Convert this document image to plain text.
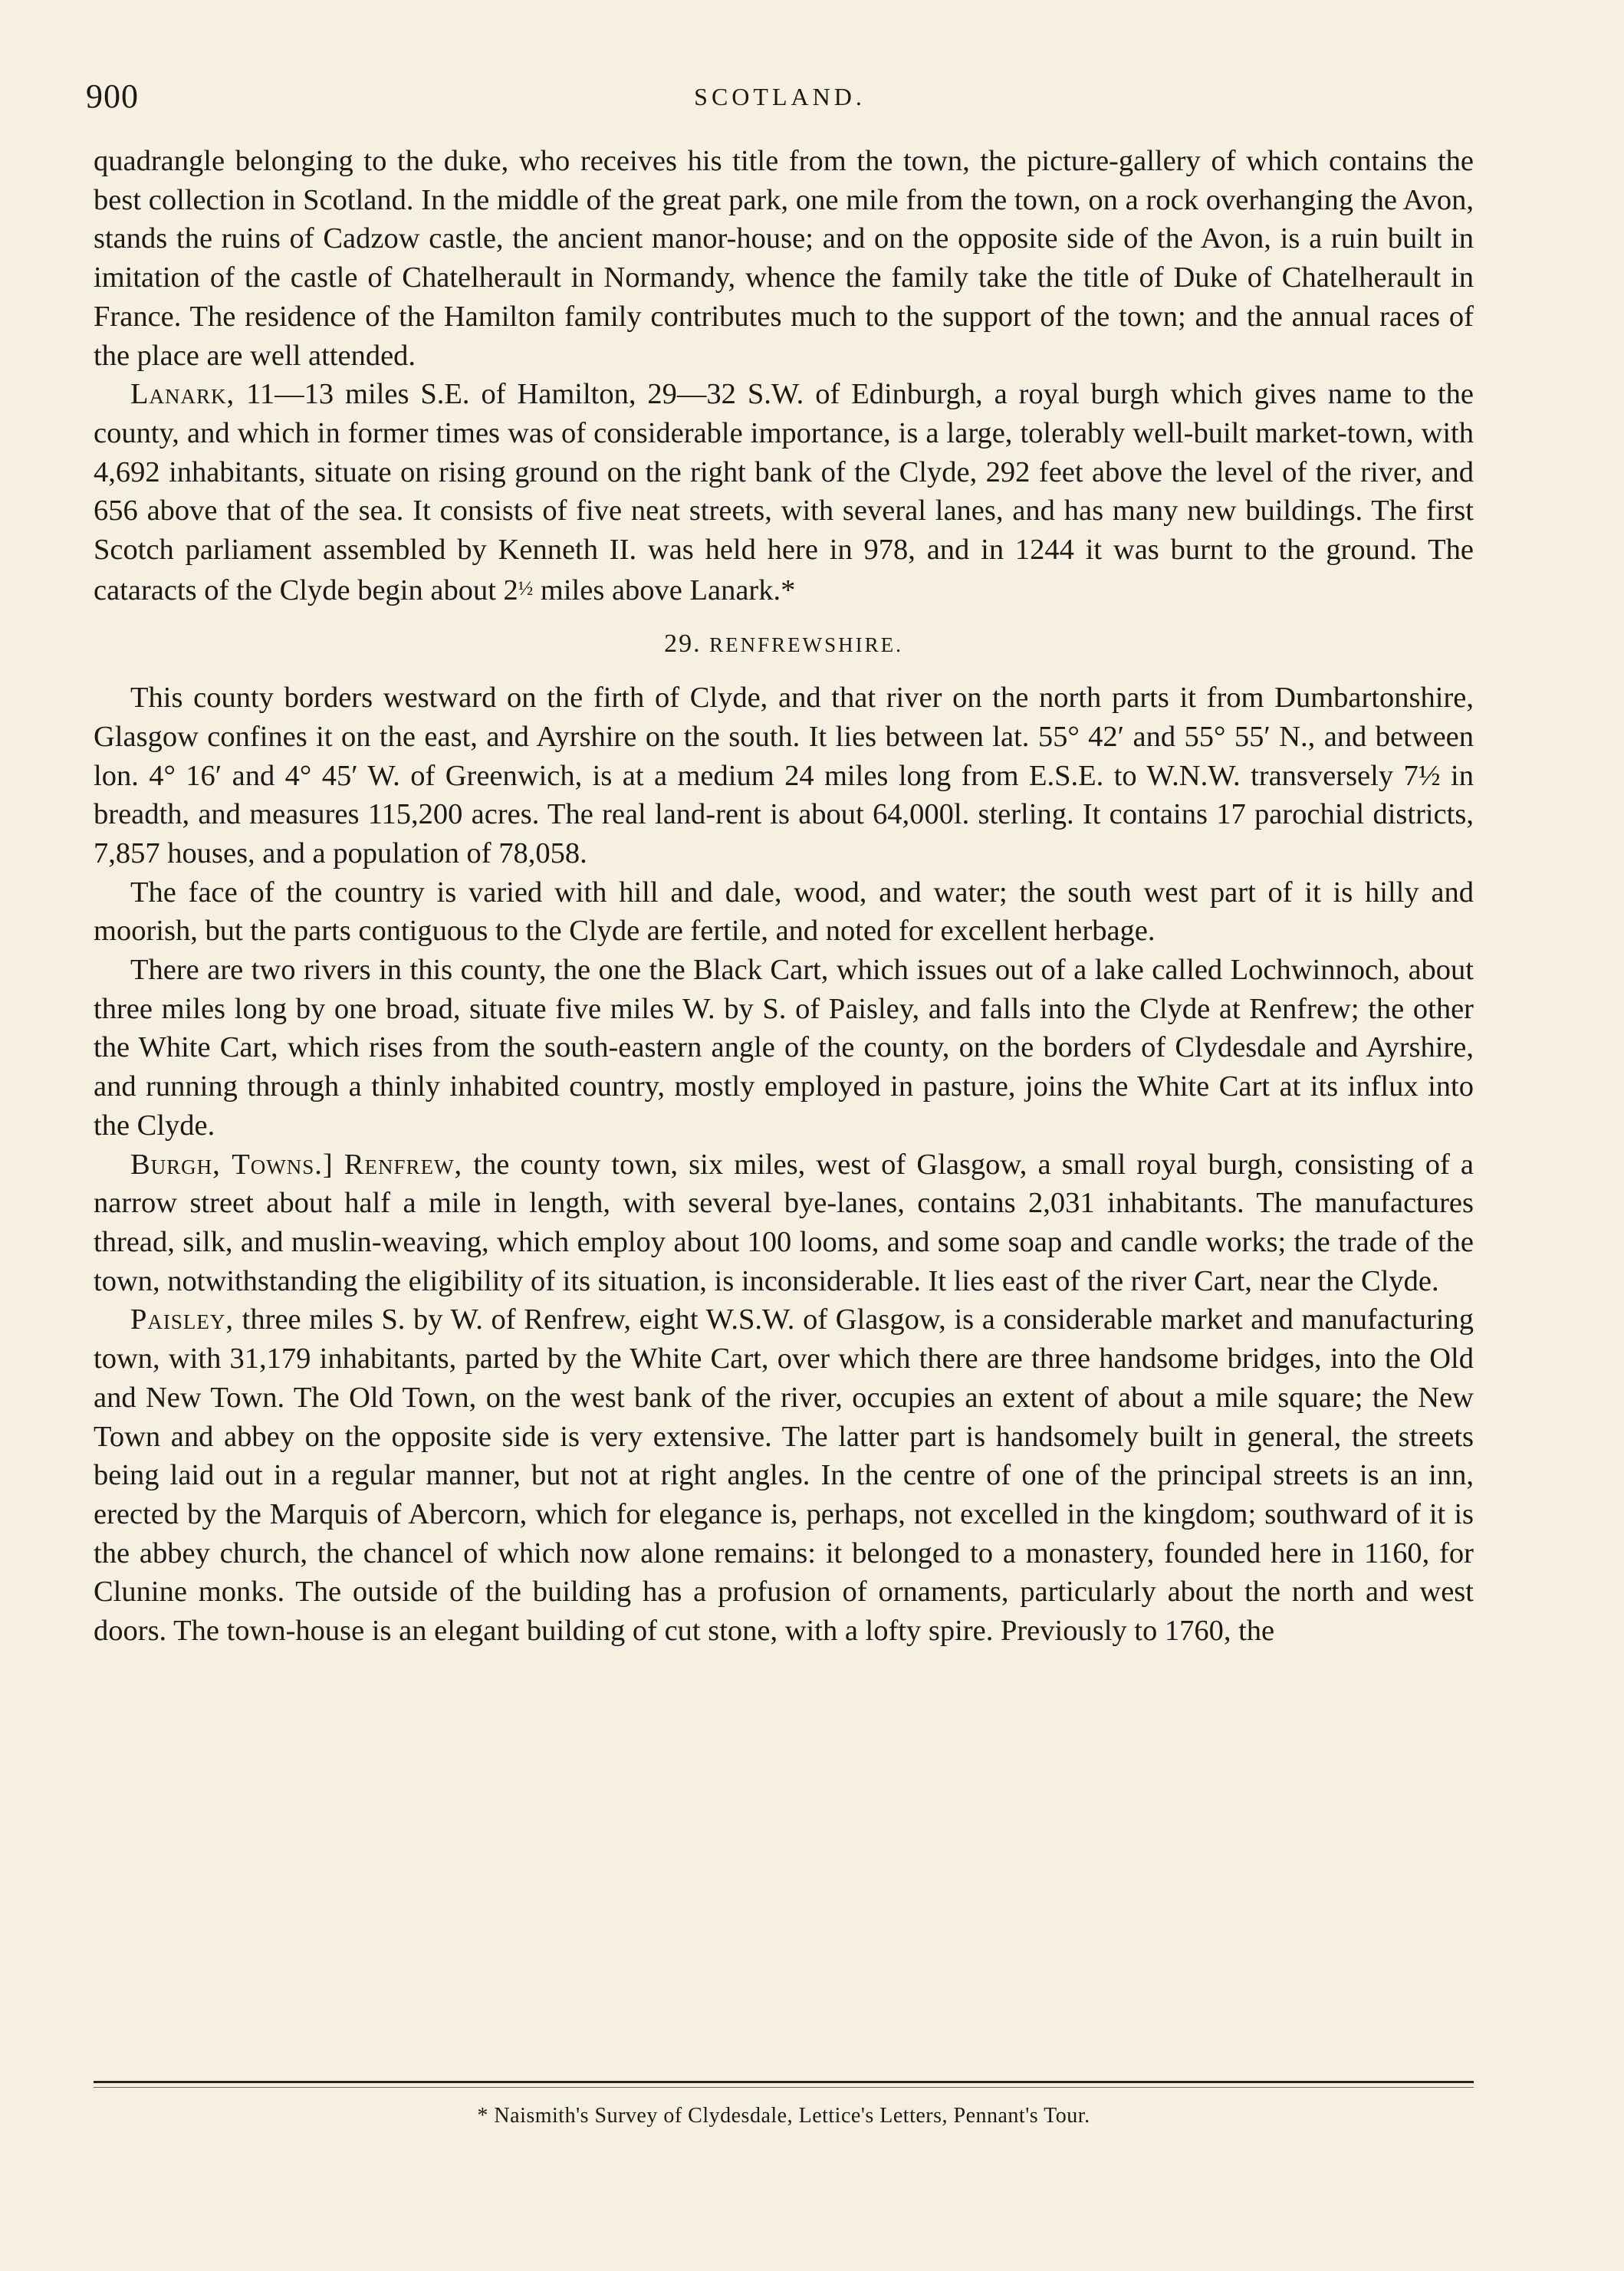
900	SCOTLAND.

quadrangle belonging to the duke, who receives his title from the town, the picture-gallery of which contains the best collection in Scotland. In the middle of the great park, one mile from the town, on a rock overhanging the Avon, stands the ruins of Cadzow castle, the ancient manor-house; and on the opposite side of the Avon, is a ruin built in imitation of the castle of Chatelherault in Normandy, whence the family take the title of Duke of Chatelherault in France. The residence of the Hamilton family contributes much to the support of the town; and the annual races of the place are well attended.

Lanark, 11—13 miles S.E. of Hamilton, 29—32 S.W. of Edinburgh, a royal burgh which gives name to the county, and which in former times was of considerable importance, is a large, tolerably well-built market-town, with 4,692 inhabitants, situate on rising ground on the right bank of the Clyde, 292 feet above the level of the river, and 656 above that of the sea. It consists of five neat streets, with several lanes, and has many new buildings. The first Scotch parliament assembled by Kenneth II. was held here in 978, and in 1244 it was burnt to the ground. The cataracts of the Clyde begin about 2½ miles above Lanark.*

29. RENFREWSHIRE.

This county borders westward on the firth of Clyde, and that river on the north parts it from Dumbartonshire, Glasgow confines it on the east, and Ayrshire on the south. It lies between lat. 55° 42′ and 55° 55′ N., and between lon. 4° 16′ and 4° 45′ W. of Greenwich, is at a medium 24 miles long from E.S.E. to W.N.W. transversely 7½ in breadth, and measures 115,200 acres. The real land-rent is about 64,000l. sterling. It contains 17 parochial districts, 7,857 houses, and a population of 78,058.

The face of the country is varied with hill and dale, wood, and water; the south west part of it is hilly and moorish, but the parts contiguous to the Clyde are fertile, and noted for excellent herbage.

There are two rivers in this county, the one the Black Cart, which issues out of a lake called Lochwinnoch, about three miles long by one broad, situate five miles W. by S. of Paisley, and falls into the Clyde at Renfrew; the other the White Cart, which rises from the south-eastern angle of the county, on the borders of Clydesdale and Ayrshire, and running through a thinly inhabited country, mostly employed in pasture, joins the White Cart at its influx into the Clyde.

Burgh, Towns.] Renfrew, the county town, six miles, west of Glasgow, a small royal burgh, consisting of a narrow street about half a mile in length, with several bye-lanes, contains 2,031 inhabitants. The manufactures thread, silk, and muslin-weaving, which employ about 100 looms, and some soap and candle works; the trade of the town, notwithstanding the eligibility of its situation, is inconsiderable. It lies east of the river Cart, near the Clyde.

Paisley, three miles S. by W. of Renfrew, eight W.S.W. of Glasgow, is a considerable market and manufacturing town, with 31,179 inhabitants, parted by the White Cart, over which there are three handsome bridges, into the Old and New Town. The Old Town, on the west bank of the river, occupies an extent of about a mile square; the New Town and abbey on the opposite side is very extensive. The latter part is handsomely built in general, the streets being laid out in a regular manner, but not at right angles. In the centre of one of the principal streets is an inn, erected by the Marquis of Abercorn, which for elegance is, perhaps, not excelled in the kingdom; southward of it is the abbey church, the chancel of which now alone remains: it belonged to a monastery, founded here in 1160, for Clunine monks. The outside of the building has a profusion of ornaments, particularly about the north and west doors. The town-house is an elegant building of cut stone, with a lofty spire. Previously to 1760, the

* Naismith's Survey of Clydesdale, Lettice's Letters, Pennant's Tour.
